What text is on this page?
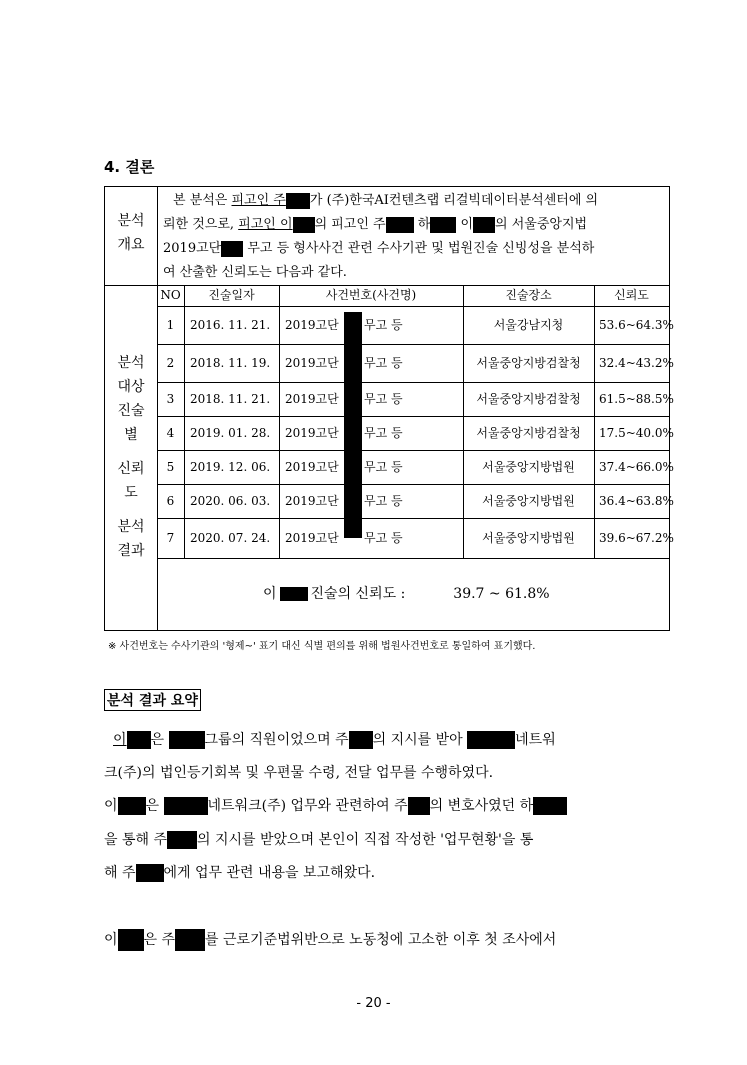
4. 결론
분석
개요
본 분석은 피고인 주 가 (주)한국AI컨텐츠랩 리걸빅데이터분석센터에 의
뢰한 것으로, 피고인 이 의 피고인 주 하 이 의 서울중앙지법
2019고단 무고 등 형사사건 관련 수사기관 및 법원진술 신빙성을 분석하
여 산출한 신뢰도는 다음과 같다.
분석
대상
진술
별
신뢰
도
분석
결과
NO	진술일자	사건번호(사건명)	진술장소	신뢰도
1	2016. 11. 21. 2019고단 무고 등	서울강남지청	53.6~64.3%
2	2018. 11. 19. 2019고단 무고 등	서울중앙지방검찰청	32.4~43.2%
3	2018. 11. 21. 2019고단 무고 등	서울중앙지방검찰청	61.5~88.5%
4	2019. 01. 28. 2019고단 무고 등	서울중앙지방검찰청	17.5~40.0%
5	2019. 12. 06. 2019고단 무고 등	서울중앙지방법원	37.4~66.0%
6	2020. 06. 03. 2019고단 무고 등	서울중앙지방법원	36.4~63.8%
7	2020. 07. 24. 2019고단 무고 등	서울중앙지방법원	39.6~67.2%
이 진술의 신뢰도 :	39.7 ~ 61.8%
※ 사건번호는 수사기관의 '형제~' 표기 대신 식별 편의를 위해 법원사건번호로 통일하여 표기했다.
분석 결과 요약
이 은	그룹의 직원이었으며 주 의 지시를 받아	네트워
크(주)의 법인등기회복 및 우편물 수령, 전달 업무를 수행하였다.
이 은	네트워크(주) 업무와 관련하여 주 의 변호사였던 하
을 통해 주 의 지시를 받았으며 본인이 직접 작성한 '업무현황'을 통
해 주 에게 업무 관련 내용을 보고해왔다.
이 은 주 를 근로기준법위반으로 노동청에 고소한 이후 첫 조사에서
- 20 -
